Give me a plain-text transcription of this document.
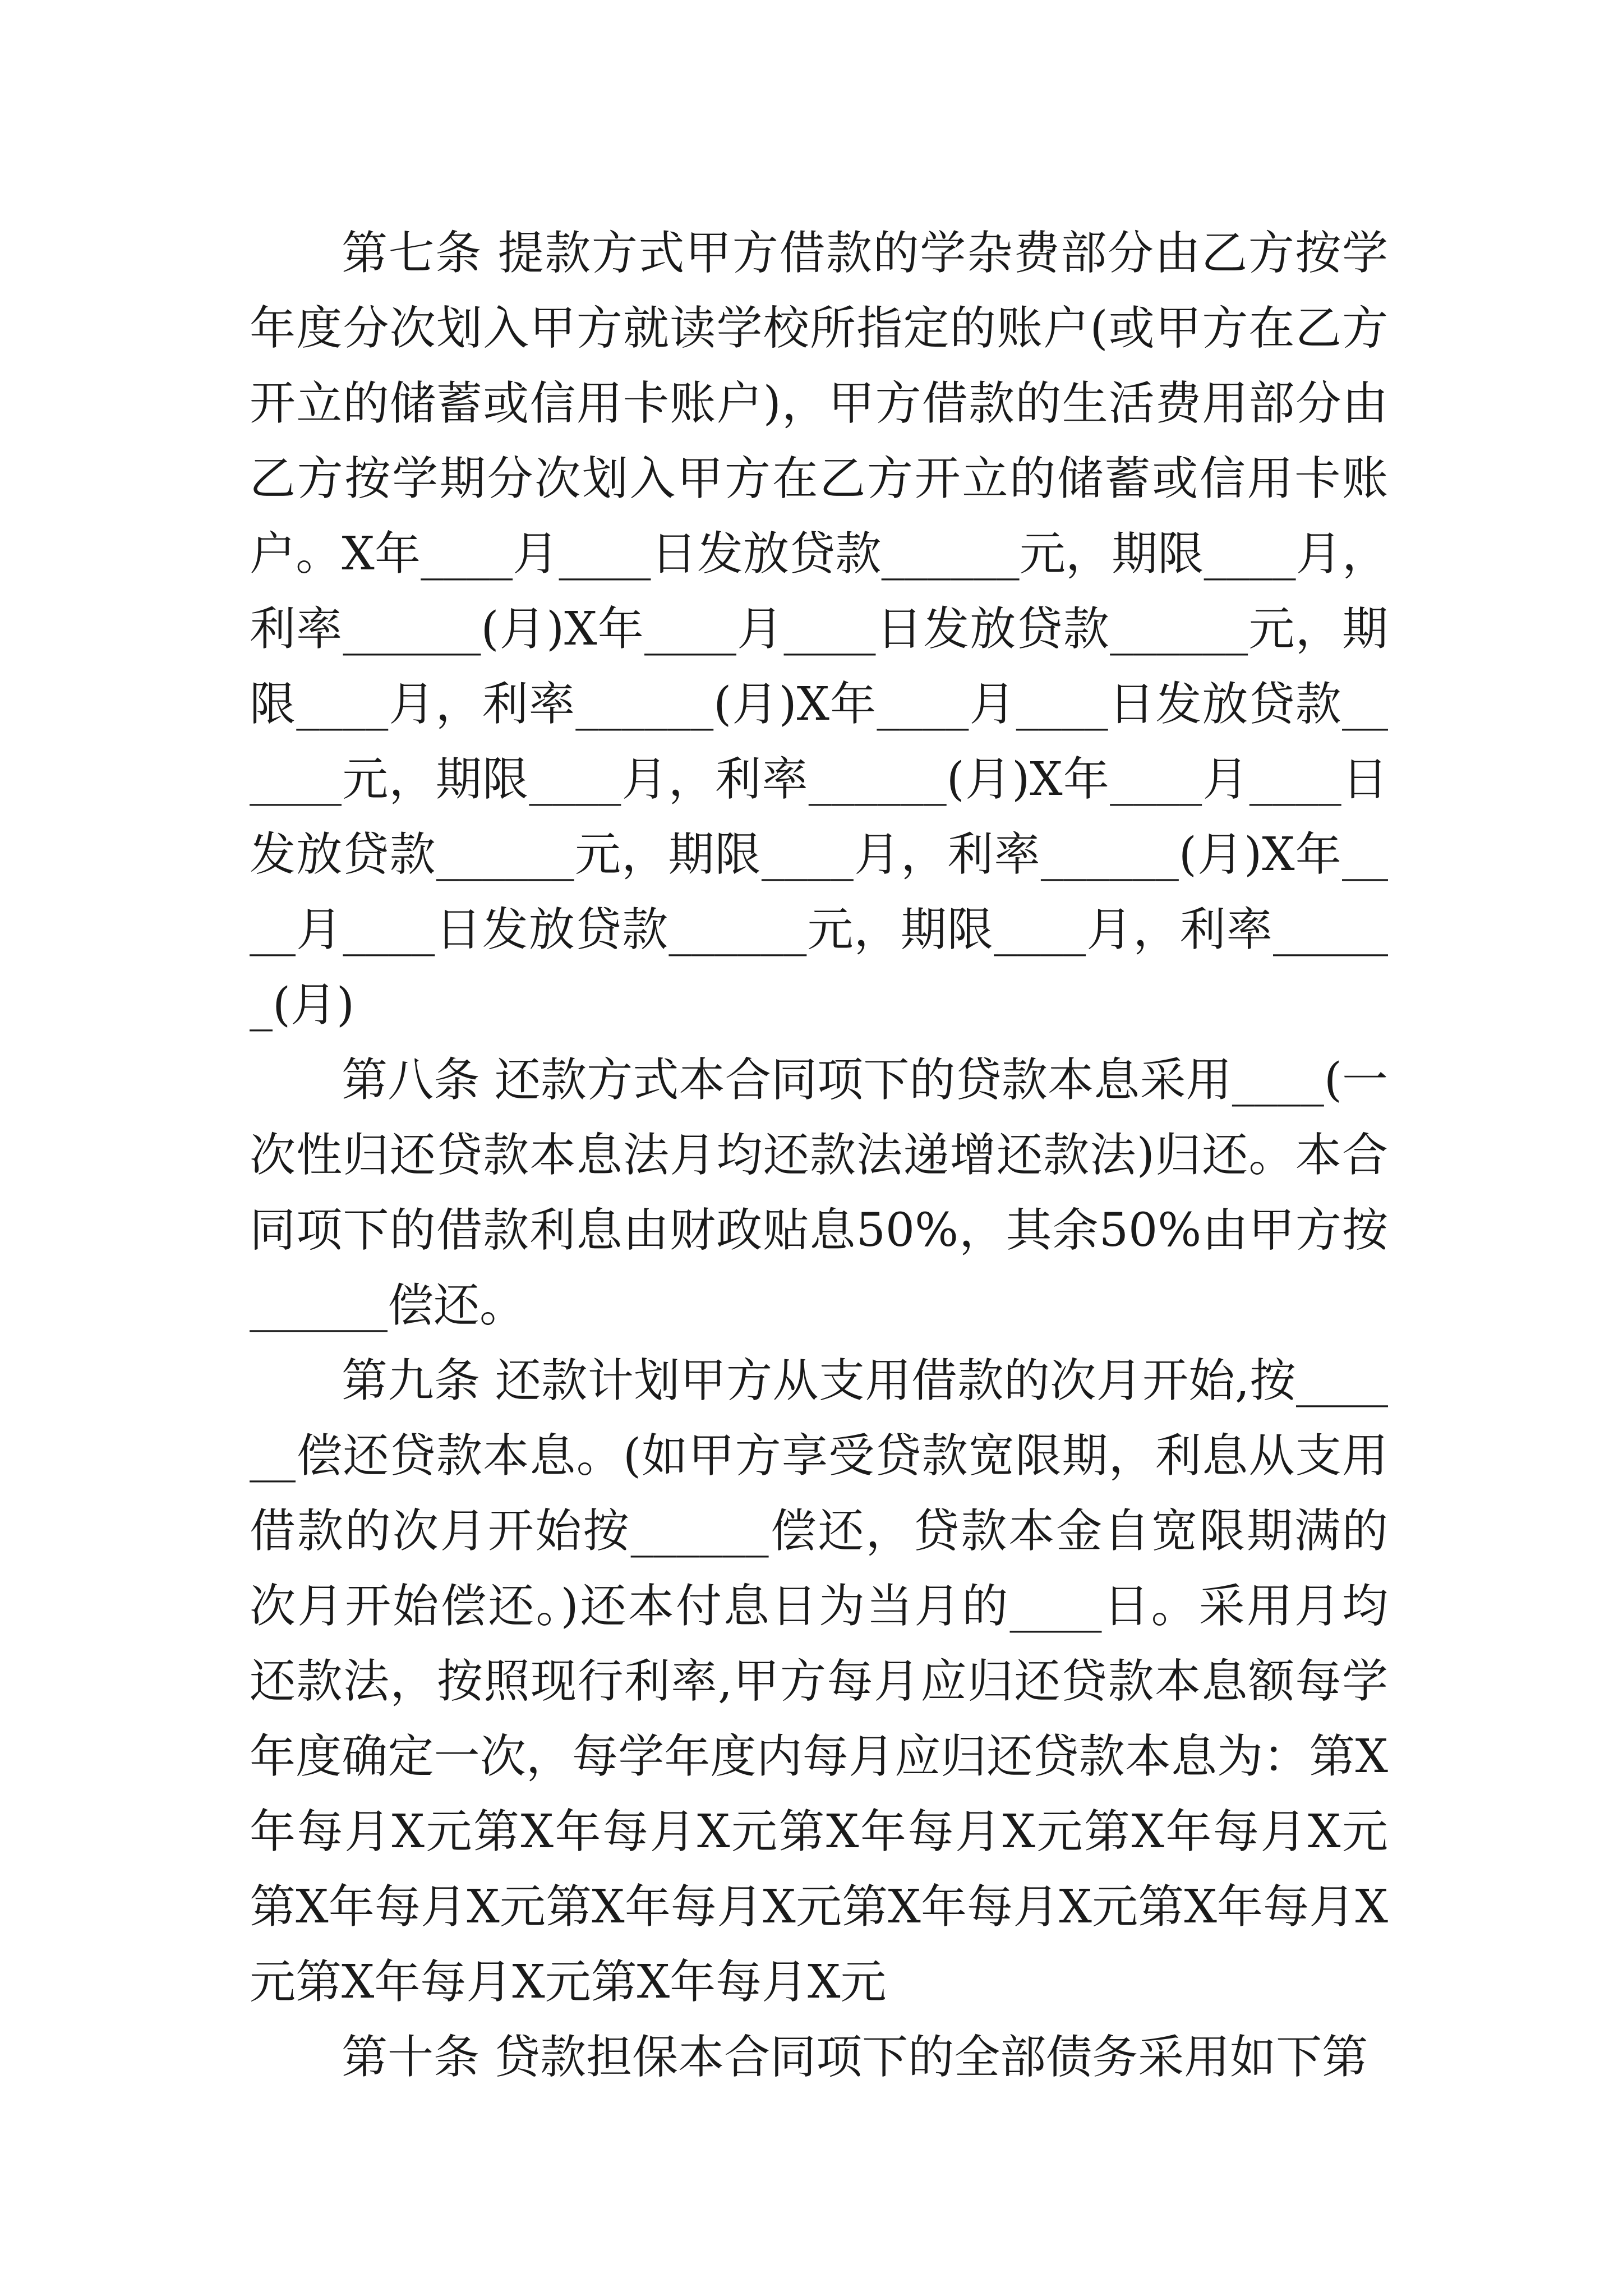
第七条 提款方式甲方借款的学杂费部分由乙方按学年度分次划入甲方就读学校所指定的账户(或甲方在乙方开立的储蓄或信用卡账户)，甲方借款的生活费用部分由乙方按学期分次划入甲方在乙方开立的储蓄或信用卡账户。X年____月____日发放贷款______元，期限____月，利率______(月)X年____月____日发放贷款______元，期限____月，利率______(月)X年____月____日发放贷款______元，期限____月，利率______(月)X年____月____日发放贷款______元，期限____月，利率______(月)X年____月____日发放贷款______元，期限____月，利率______(月)

第八条 还款方式本合同项下的贷款本息采用____(一次性归还贷款本息法月均还款法递增还款法)归还。本合同项下的借款利息由财政贴息50%，其余50%由甲方按______偿还。

第九条 还款计划甲方从支用借款的次月开始,按______偿还贷款本息。(如甲方享受贷款宽限期，利息从支用借款的次月开始按______偿还，贷款本金自宽限期满的次月开始偿还。)还本付息日为当月的____日。采用月均还款法，按照现行利率,甲方每月应归还贷款本息额每学年度确定一次，每学年度内每月应归还贷款本息为：第X年每月X元第X年每月X元第X年每月X元第X年每月X元第X年每月X元第X年每月X元第X年每月X元第X年每月X元第X年每月X元第X年每月X元

第十条 贷款担保本合同项下的全部债务采用如下第
